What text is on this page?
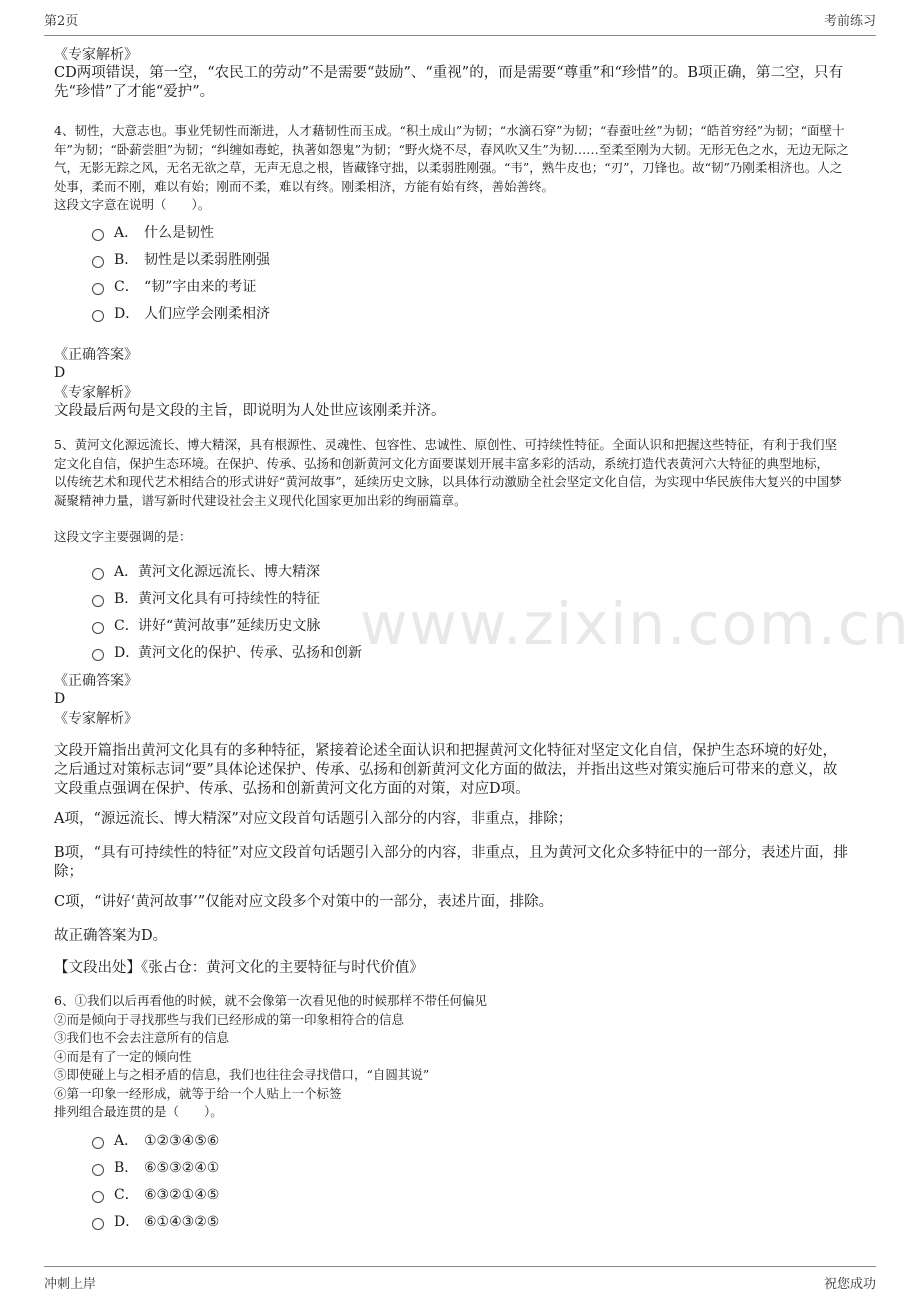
第2页	考前练习
www.zixin.com.cn
《专家解析》

CD两项错误，第一空，“农民工的劳动”不是需要“鼓励”、“重视”的，而是需要“尊重”和“珍惜”的。B项正确，第二空，只有

先“珍惜”了才能“爱护”。

4、韧性，大意志也。事业凭韧性而渐进，人才藉韧性而玉成。“积土成山”为韧；“水滴石穿”为韧；“春蚕吐丝”为韧；“皓首穷经”为韧；“面壁十

年”为韧；“卧薪尝胆”为韧；“纠缠如毒蛇，执著如怨鬼”为韧；“野火烧不尽，春风吹又生”为韧……至柔至刚为大韧。无形无色之水，无边无际之

气，无影无踪之风，无名无欲之草，无声无息之根，皆藏锋守拙，以柔弱胜刚强。“韦”，熟牛皮也；“刃”，刀锋也。故“韧”乃刚柔相济也。人之

处事，柔而不刚，难以有始；刚而不柔，难以有终。刚柔相济，方能有始有终，善始善终。

这段文字意在说明（　　）。

A． 什么是韧性
B． 韧性是以柔弱胜刚强
C． “韧”字由来的考证
D． 人们应学会刚柔相济
《正确答案》
D
《专家解析》
文段最后两句是文段的主旨，即说明为人处世应该刚柔并济。

5、黄河文化源远流长、博大精深，具有根源性、灵魂性、包容性、忠诚性、原创性、可持续性特征。全面认识和把握这些特征，有利于我们坚

定文化自信，保护生态环境。在保护、传承、弘扬和创新黄河文化方面要谋划开展丰富多彩的活动，系统打造代表黄河六大特征的典型地标，

以传统艺术和现代艺术相结合的形式讲好“黄河故事”，延续历史文脉，以具体行动激励全社会坚定文化自信，为实现中华民族伟大复兴的中国梦

凝聚精神力量，谱写新时代建设社会主义现代化国家更加出彩的绚丽篇章。

这段文字主要强调的是：
A． 黄河文化源远流长、博大精深
B． 黄河文化具有可持续性的特征
C． 讲好“黄河故事”延续历史文脉
D．
黄河文化的保护、传承、弘扬和创新
《正确答案》
D
《专家解析》

文段开篇指出黄河文化具有的多种特征，紧接着论述全面认识和把握黄河文化特征对坚定文化自信，保护生态环境的好处，

之后通过对策标志词“要”具体论述保护、传承、弘扬和创新黄河文化方面的做法，并指出这些对策实施后可带来的意义，故

文段重点强调在保护、传承、弘扬和创新黄河文化方面的对策，对应D项。

A项，“源远流长、博大精深”对应文段首句话题引入部分的内容，非重点，排除；

B项，“具有可持续性的特征”对应文段首句话题引入部分的内容，非重点，且为黄河文化众多特征中的一部分，表述片面，排

除；

C项，“讲好‘黄河故事’”仅能对应文段多个对策中的一部分，表述片面，排除。
故正确答案为D。
【文段出处】《张占仓：黄河文化的主要特征与时代价值》

6、①我们以后再看他的时候，就不会像第一次看见他的时候那样不带任何偏见

②而是倾向于寻找那些与我们已经形成的第一印象相符合的信息

③我们也不会去注意所有的信息

④而是有了一定的倾向性

⑤即使碰上与之相矛盾的信息，我们也往往会寻找借口，“自圆其说”

⑥第一印象一经形成，就等于给一个人贴上一个标签

排列组合最连贯的是（　　）。

A． ①②③④⑤⑥
B． ⑥⑤③②④①
C． ⑥③②①④⑤
D． ⑥①④③②⑤
冲刺上岸	祝您成功
